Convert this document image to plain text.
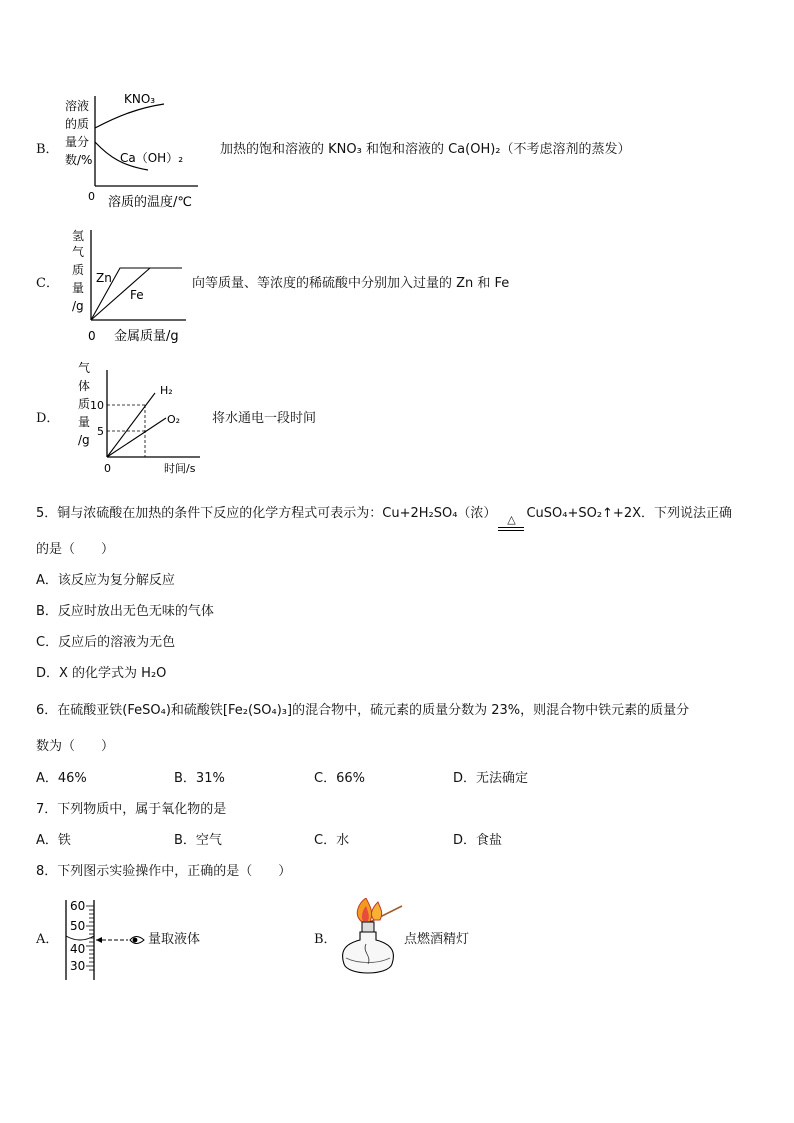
B．
溶液
的质
量分
数/%
KNO₃
Ca（OH）₂
0 溶质的温度/℃
加热的饱和溶液的 KNO₃ 和饱和溶液的 Ca(OH)₂（不考虑溶剂的蒸发）
C．
氢
气
质
量
/g
Zn
Fe
0 金属质量/g
向等质量、等浓度的稀硫酸中分别加入过量的 Zn 和 Fe
D．
气
体
质
量
/g
10
5
H₂
O₂
0	时间/s
将水通电一段时间
5．铜与浓硫酸在加热的条件下反应的化学方程式可表示为：Cu+2H₂SO₄（浓） △ CuSO₄+SO₂↑+2X．下列说法正确
的是（　　）
A．该反应为复分解反应
B．反应时放出无色无味的气体
C．反应后的溶液为无色
D．X 的化学式为 H₂O
6．在硫酸亚铁(FeSO₄)和硫酸铁[Fe₂(SO₄)₃]的混合物中，硫元素的质量分数为 23%，则混合物中铁元素的质量分
数为（　　）
A．46%	B．31%	C．66%	D．无法确定
7．下列物质中，属于氧化物的是
A．铁	B．空气	C．水	D．食盐
8．下列图示实验操作中，正确的是（　　）
A．
60
50
40
30
量取液体	B．	点燃酒精灯
